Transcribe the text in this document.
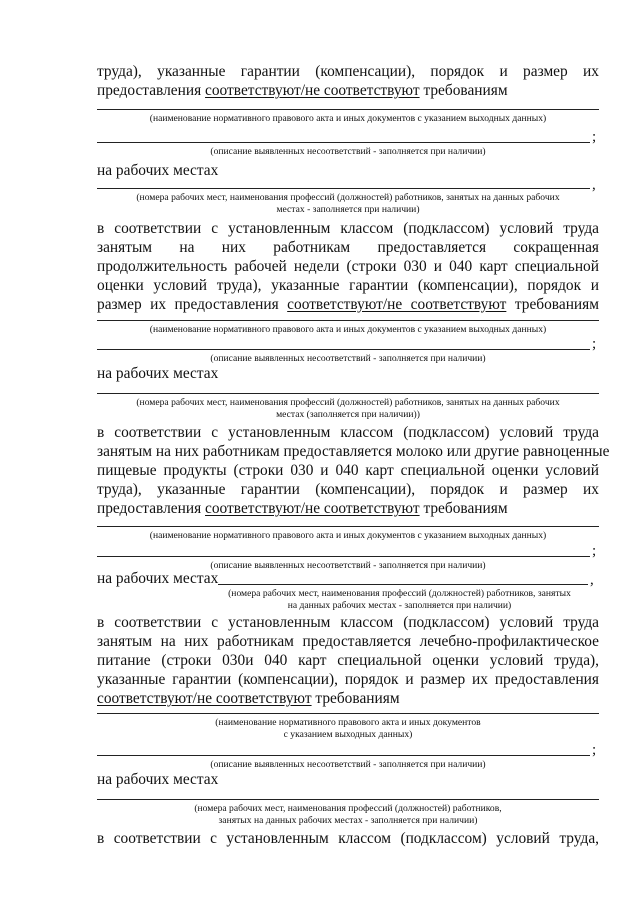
труда), указанные гарантии (компенсации), порядок и размер их
предоставления соответствуют/не соответствуют требованиям
(наименование нормативного правового акта и иных документов с указанием выходных данных)
;
(описание выявленных несоответствий - заполняется при наличии)
на рабочих местах
,
(номера рабочих мест, наименования профессий (должностей) работников, занятых на данных рабочих
местах - заполняется при наличии)
в соответствии с установленным классом (подклассом) условий труда
занятым на них работникам предоставляется сокращенная
продолжительность рабочей недели (строки 030 и 040 карт специальной
оценки условий труда), указанные гарантии (компенсации), порядок и
размер их предоставления соответствуют/не соответствуют требованиям
(наименование нормативного правового акта и иных документов с указанием выходных данных)
;
(описание выявленных несоответствий - заполняется при наличии)
на рабочих местах
(номера рабочих мест, наименования профессий (должностей) работников, занятых на данных рабочих
местах (заполняется при наличии))
в соответствии с установленным классом (подклассом) условий труда
занятым на них работникам предоставляется молоко или другие равноценные
пищевые продукты (строки 030 и 040 карт специальной оценки условий
труда), указанные гарантии (компенсации), порядок и размер их
предоставления соответствуют/не соответствуют требованиям
(наименование нормативного правового акта и иных документов с указанием выходных данных)
;
(описание выявленных несоответствий - заполняется при наличии)
на рабочих местах	,
(номера рабочих мест, наименования профессий (должностей) работников, занятых
на данных рабочих местах - заполняется при наличии)
в соответствии с установленным классом (подклассом) условий труда
занятым на них работникам предоставляется лечебно-профилактическое
питание (строки 030и 040 карт специальной оценки условий труда),
указанные гарантии (компенсации), порядок и размер их предоставления
соответствуют/не соответствуют требованиям
(наименование нормативного правового акта и иных документов
с указанием выходных данных)
;
(описание выявленных несоответствий - заполняется при наличии)
на рабочих местах
(номера рабочих мест, наименования профессий (должностей) работников,
занятых на данных рабочих местах - заполняется при наличии)
в соответствии с установленным классом (подклассом) условий труда,
